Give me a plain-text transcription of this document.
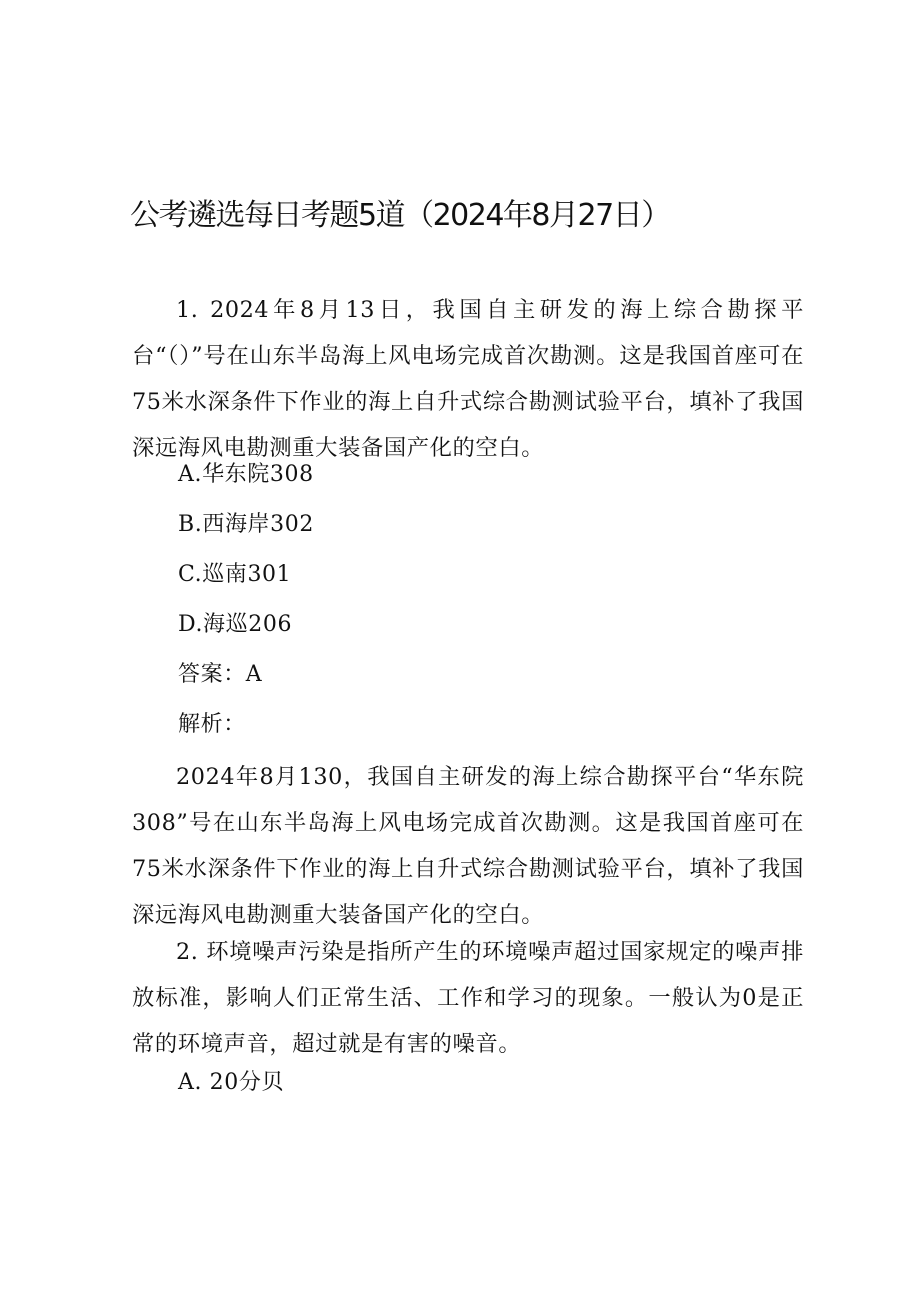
公考遴选每日考题5道（2024年8月27日）

1. 2024年8月13日，我国自主研发的海上综合勘探平台“（）”号在山东半岛海上风电场完成首次勘测。这是我国首座可在75米水深条件下作业的海上自升式综合勘测试验平台，填补了我国深远海风电勘测重大装备国产化的空白。

A.华东院308
B.西海岸302
C.巡南301
D.海巡206
答案：A
解析：

2024年8月130，我国自主研发的海上综合勘探平台“华东院308”号在山东半岛海上风电场完成首次勘测。这是我国首座可在75米水深条件下作业的海上自升式综合勘测试验平台，填补了我国深远海风电勘测重大装备国产化的空白。

2. 环境噪声污染是指所产生的环境噪声超过国家规定的噪声排放标准，影响人们正常生活、工作和学习的现象。一般认为0是正常的环境声音，超过就是有害的噪音。

A. 20分贝
